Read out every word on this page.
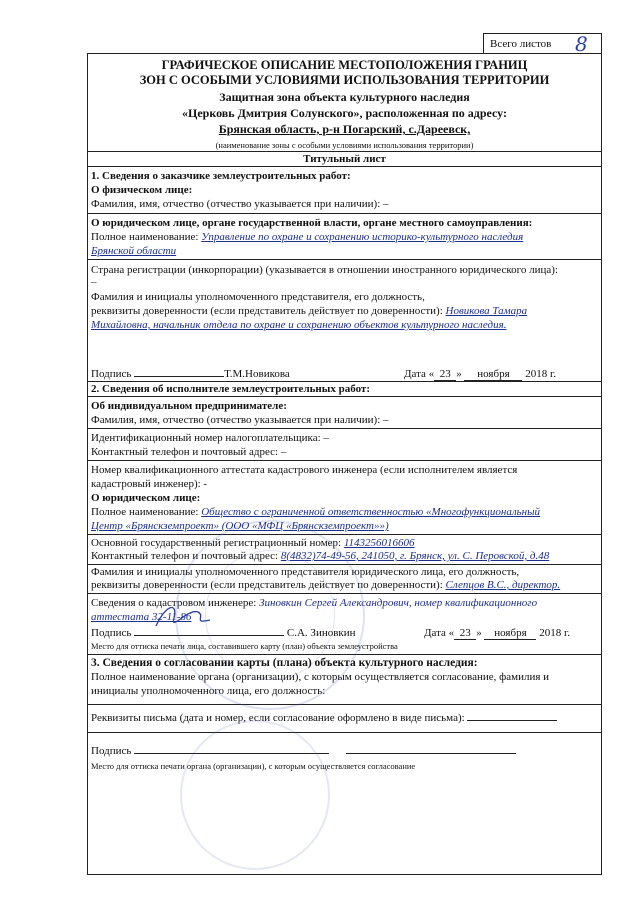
Всего листов 8
ГРАФИЧЕСКОЕ ОПИСАНИЕ МЕСТОПОЛОЖЕНИЯ ГРАНИЦ
ЗОН С ОСОБЫМИ УСЛОВИЯМИ ИСПОЛЬЗОВАНИЯ ТЕРРИТОРИИ
Защитная зона объекта культурного наследия
«Церковь Дмитрия Солунского», расположенная по адресу:
Брянская область, р-н Погарский, с.Дареевск,
(наименование зоны с особыми условиями использования территории)
Титульный лист
1. Сведения о заказчике землеустроительных работ:
О физическом лице:
Фамилия, имя, отчество (отчество указывается при наличии): –
О юридическом лице, органе государственной власти, органе местного самоуправления:
Полное наименование: Управление по охране и сохранению историко-культурного наследия
Брянской области
Страна регистрации (инкорпорации) (указывается в отношении иностранного юридического лица):
–
Фамилия и инициалы уполномоченного представителя, его должность,
реквизиты доверенности (если представитель действует по доверенности): Новикова Тамара
Михайловна, начальник отдела по охране и сохранению объектов культурного наследия.
Подпись	Т.М.Новикова	Дата « 23 » ноября 2018 г.
2. Сведения об исполнителе землеустроительных работ:
Об индивидуальном предпринимателе:
Фамилия, имя, отчество (отчество указывается при наличии): –
Идентификационный номер налогоплательщика: –
Контактный телефон и почтовый адрес: –
Номер квалификационного аттестата кадастрового инженера (если исполнителем является
кадастровый инженер): -
О юридическом лице:
Полное наименование: Общество с ограниченной ответственностью «Многофункциональный
Центр «Брянскземпроект» (ООО «МФЦ «Брянскземпроект»»)
Основной государственный регистрационный номер: 1143256016606
Контактный телефон и почтовый адрес: 8(4832)74-49-56, 241050, г. Брянск, ул. С. Перовской, д.48
Фамилия и инициалы уполномоченного представителя юридического лица, его должность,
реквизиты доверенности (если представитель действует по доверенности): Слепцов В.С., директор.
Сведения о кадастровом инженере: Зиновкин Сергей Александрович, номер квалификационного
аттестата 32-11-86
Подпись	С.А. Зиновкин	Дата « 23 » ноября 2018 г.
Место для оттиска печати лица, составившего карту (план) объекта землеустройства
3. Сведения о согласовании карты (плана) объекта культурного наследия:
Полное наименование органа (организации), с которым осуществляется согласование, фамилия и
инициалы уполномоченного лица, его должность:
Реквизиты письма (дата и номер, если согласование оформлено в виде письма):
Подпись
Место для оттиска печати органа (организации), с которым осуществляется согласование
